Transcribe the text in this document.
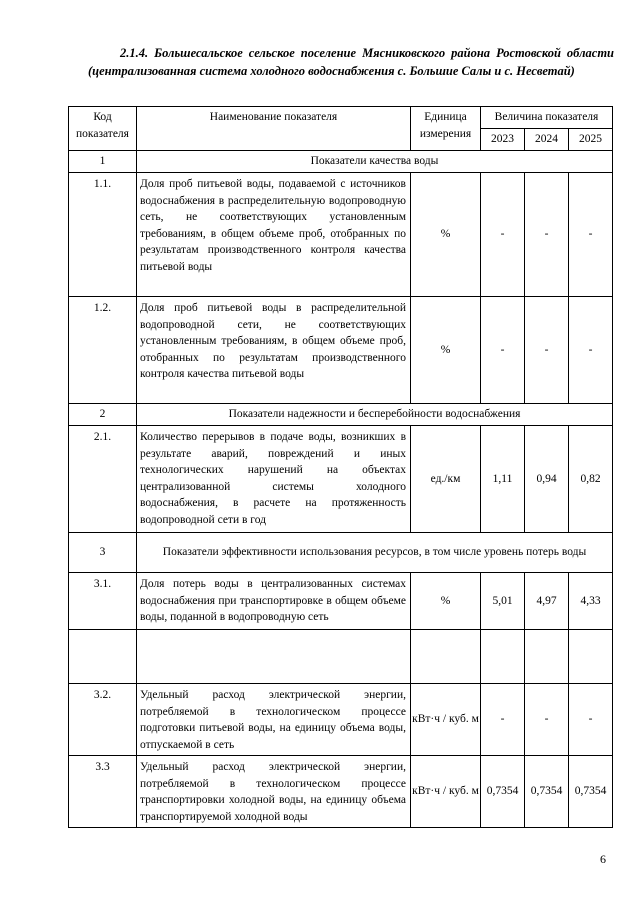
2.1.4. Большесальское сельское поселение Мясниковского района Ростовской области (централизованная система холодного водоснабжения с. Большие Салы и с. Несветай)
Код показателя	Наименование показателя	Единица измерения	Величина показателя		
			2023	2024	2025
1	Показатели качества воды				
1.1.	Доля проб питьевой воды, подаваемой с источников водоснабжения в распределительную водопроводную сеть, не соответствующих установленным требованиям, в общем объеме проб, отобранных по результатам производственного контроля качества питьевой воды	%	-	-	-
1.2.	Доля проб питьевой воды в распределительной водопроводной сети, не соответствующих установленным требованиям, в общем объеме проб, отобранных по результатам производственного контроля качества питьевой воды	%	-	-	-
2	Показатели надежности и бесперебойности водоснабжения				
2.1.	Количество перерывов в подаче воды, возникших в результате аварий, повреждений и иных технологических нарушений на объектах централизованной системы холодного водоснабжения, в расчете на протяженность водопроводной сети в год	ед./км	1,11	0,94	0,82
3	Показатели эффективности использования ресурсов, в том числе уровень потерь воды				
3.1.	Доля потерь воды в централизованных системах водоснабжения при транспортировке в общем объеме воды, поданной в водопроводную сеть	%	5,01	4,97	4,33

3.2.	Удельный расход электрической энергии, потребляемой в технологическом процессе подготовки питьевой воды, на единицу объема воды, отпускаемой в сеть	кВт·ч / куб. м	-	-	-
3.3	Удельный расход электрической энергии, потребляемой в технологическом процессе транспортировки холодной воды, на единицу объема транспортируемой холодной воды	кВт·ч / куб. м	0,7354	0,7354	0,7354
6
